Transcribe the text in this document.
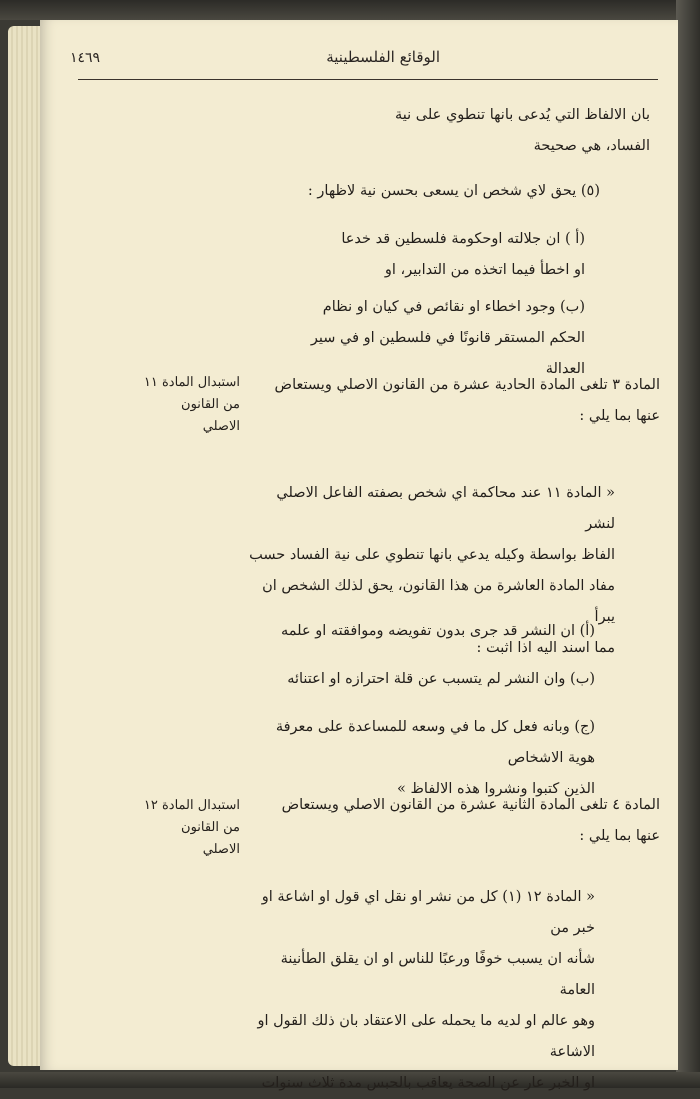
الوقائع الفلسطينية
١٤٦٩

بان الالفاظ التي يُدعى بانها تنطوي على نية

الفساد، هي صحيحة

(٥) يحق لاي شخص ان يسعى بحسن نية لاظهار :

(أ ) ان جلالته اوحكومة فلسطين قد خدعا

او اخطأ فيما اتخذه من التدابير، او

(ب) وجود اخطاء او نقائص في كيان او نظام

الحكم المستقر قانونًا في فلسطين او في سير

العدالة

استبدال المادة ١١
من القانون الاصلي

المادة ٣ تلغى المادة الحادية عشرة من القانون الاصلي ويستعاض

عنها بما يلي :

« المادة ١١ عند محاكمة اي شخص بصفته الفاعل الاصلي لنشر

الفاظ بواسطة وكيله يدعي بانها تنطوي على نية الفساد حسب

مفاد المادة العاشرة من هذا القانون، يحق لذلك الشخص ان يبرأ

مما اسند اليه اذا اثبت :

(أ) ان النشر قد جرى بدون تفويضه وموافقته او علمه

(ب) وان النشر لم يتسبب عن قلة احترازه او اعتنائه

(ج) وبانه فعل كل ما في وسعه للمساعدة على معرفة هوية الاشخاص

الذين كتبوا ونشروا هذه الالفاظ »

استبدال المادة ١٢
من القانون الاصلي

المادة ٤ تلغى المادة الثانية عشرة من القانون الاصلي ويستعاض

عنها بما يلي :

« المادة ١٢ (١) كل من نشر او نقل اي قول او اشاعة او خبر من

شأنه ان يسبب خوفًا ورعبًا للناس او ان يقلق الطأنينة العامة

وهو عالم او لديه ما يحمله على الاعتقاد بان ذلك القول او الاشاعة

او الخبر عار عن الصحة يعاقب بالحبس مدة ثلاث سنوات
